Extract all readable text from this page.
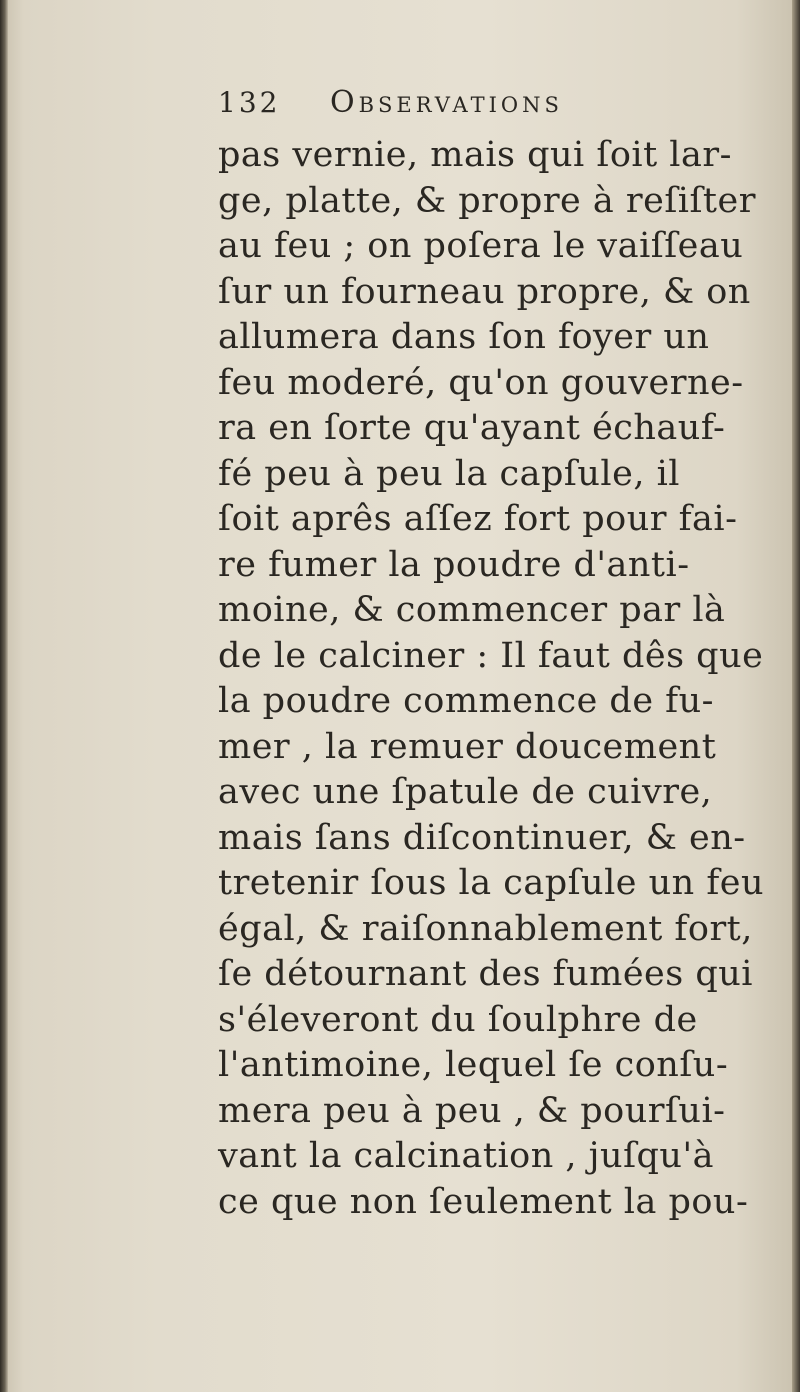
132	Observations
pas vernie, mais qui ſoit lar-
ge, platte, & propre à reſiſter
au feu ; on poſera le vaiſſeau
ſur un fourneau propre, & on
allumera dans ſon foyer un
feu moderé, qu'on gouverne-
ra en ſorte qu'ayant échauf-
fé peu à peu la capſule, il
ſoit aprês aſſez fort pour fai-
re fumer la poudre d'anti-
moine, & commencer par là
de le calciner : Il faut dês que
la poudre commence de fu-
mer , la remuer doucement
avec une ſpatule de cuivre,
mais ſans diſcontinuer, & en-
tretenir ſous la capſule un feu
égal, & raiſonnablement fort,
ſe détournant des fumées qui
s'éleveront du ſoulphre de
l'antimoine, lequel ſe conſu-
mera peu à peu , & pourſui-
vant la calcination , juſqu'à
ce que non ſeulement la pou-
